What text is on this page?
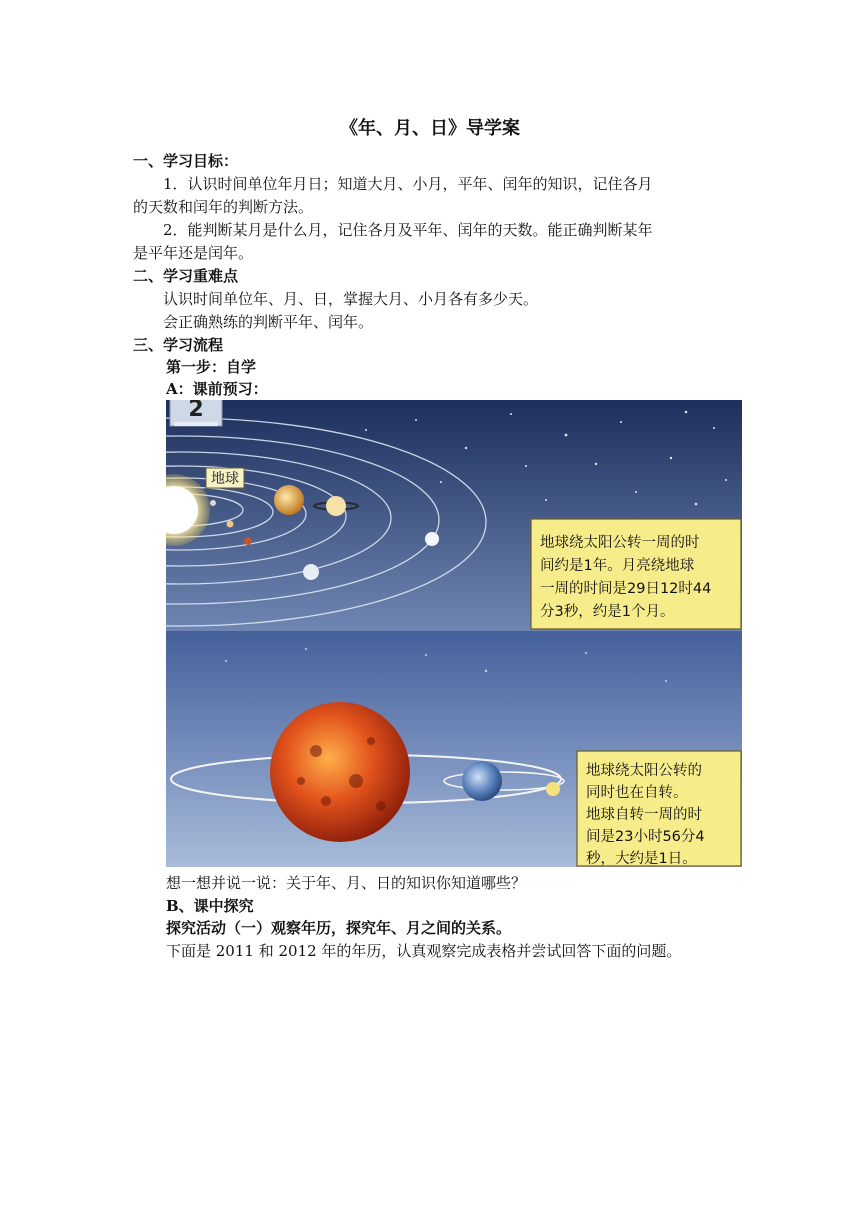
《年、月、日》导学案
一、学习目标：
1．认识时间单位年月日；知道大月、小月，平年、闰年的知识，记住各月
的天数和闰年的判断方法。
2．能判断某月是什么月，记住各月及平年、闰年的天数。能正确判断某年
是平年还是闰年。
二、学习重难点
认识时间单位年、月、日，掌握大月、小月各有多少天。
会正确熟练的判断平年、闰年。
三、学习流程
第一步：自学
A：课前预习：
地球
2
地球绕太阳公转一周的时
间约是1年。月亮绕地球
一周的时间是29日12时44
分3秒，约是1个月。
地球绕太阳公转的
同时也在自转。
地球自转一周的时
间是23小时56分4
秒，大约是1日。
想一想并说一说：关于年、月、日的知识你知道哪些？
B、课中探究
探究活动（一）观察年历，探究年、月之间的关系。
下面是 2011 和 2012 年的年历，认真观察完成表格并尝试回答下面的问题。
